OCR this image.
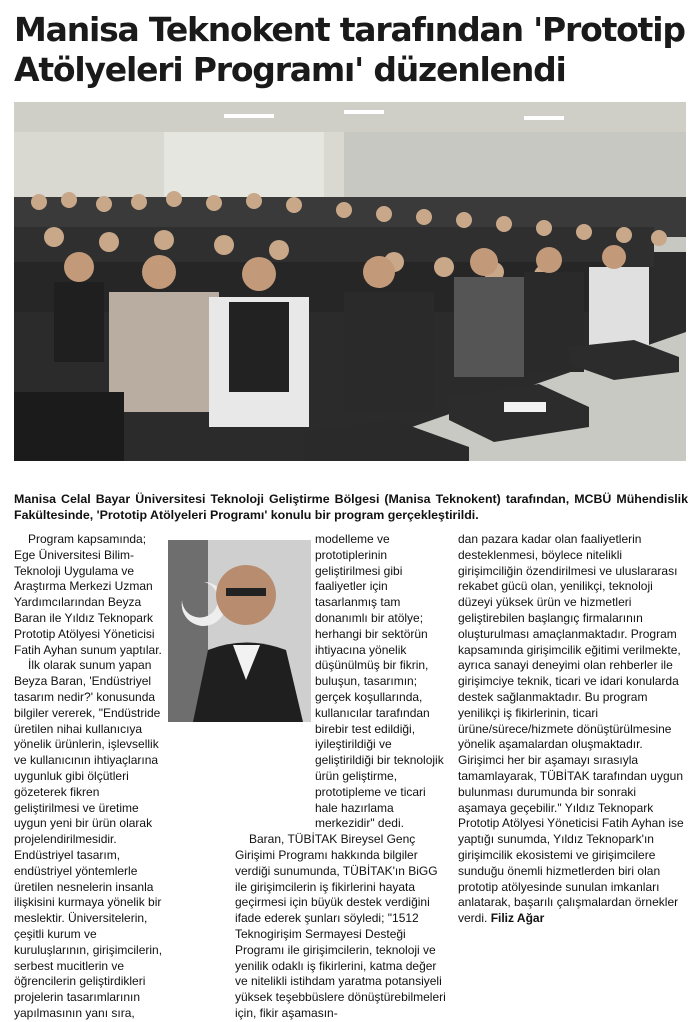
Manisa Teknokent tarafından 'Prototip
Atölyeleri Programı' düzenlendi

Manisa Celal Bayar Üniversitesi Teknoloji Geliştirme Bölgesi (Manisa Teknokent) tarafından, MCBÜ Mühendislik Fakültesinde, 'Prototip Atölyeleri Programı' konulu bir program gerçekleştirildi.

Program kapsamında; Ege Üniversitesi Bilim-Teknoloji Uygulama ve Araştırma Merkezi Uzman Yardımcılarından Beyza Baran ile Yıldız Teknopark Prototip Atölyesi Yöneticisi Fatih Ayhan sunum yaptılar.

İlk olarak sunum yapan Beyza Baran, 'Endüstriyel tasarım nedir?' konusunda bilgiler vererek, "Endüstride üretilen nihai kullanıcıya yönelik ürünlerin, işlevsellik ve kullanıcının ihtiyaçlarına uygunluk gibi ölçütleri gözeterek fikren geliştirilmesi ve üretime uygun yeni bir ürün olarak projelendirilmesidir. Endüstriyel tasarım, endüstriyel yöntemlerle üretilen nesnelerin insanla ilişkisini kurmaya yönelik bir meslektir. Üniversitelerin, çeşitli kurum ve kuruluşlarının, girişimcilerin, serbest mucitlerin ve öğrencilerin geliştirdikleri projelerin tasarımlarının yapılmasının yanı sıra,

modelleme ve prototiplerinin geliştirilmesi gibi faaliyetler için tasarlanmış tam donanımlı bir atölye; herhangi bir sektörün ihtiyacına yönelik düşünülmüş bir fikrin, buluşun, tasarımın; gerçek koşullarında, kullanıcılar tarafından birebir test edildiği, iyileştirildiği ve geliştirildiği bir teknolojik ürün geliştirme, prototipleme ve ticari hale hazırlama merkezidir" dedi.

Baran, TÜBİTAK Bireysel Genç Girişimi Programı hakkında bilgiler verdiği sunumunda, TÜBİTAK'ın BiGG ile girişimcilerin iş fikirlerini hayata geçirmesi için büyük destek verdiğini ifade ederek şunları söyledi; "1512 Teknogirişim Sermayesi Desteği Programı ile girişimcilerin, teknoloji ve yenilik odaklı iş fikirlerini, katma değer ve nitelikli istihdam yaratma potansiyeli yüksek teşebbüslere dönüştürebilmeleri için, fikir aşamasın-

dan pazara kadar olan faaliyetlerin desteklenmesi, böylece nitelikli girişimciliğin özendirilmesi ve uluslararası rekabet gücü olan, yenilikçi, teknoloji düzeyi yüksek ürün ve hizmetleri geliştirebilen başlangıç firmalarının oluşturulması amaçlanmaktadır. Program kapsamında girişimcilik eğitimi verilmekte, ayrıca sanayi deneyimi olan rehberler ile girişimciye teknik, ticari ve idari konularda destek sağlanmaktadır. Bu program yenilikçi iş fikirlerinin, ticari ürüne/sürece/hizmete dönüştürülmesine yönelik aşamalardan oluşmaktadır. Girişimci her bir aşamayı sırasıyla tamamlayarak, TÜBİTAK tarafından uygun bulunması durumunda bir sonraki aşamaya geçebilir." Yıldız Teknopark Prototip Atölyesi Yöneticisi Fatih Ayhan ise yaptığı sunumda, Yıldız Teknopark'ın girişimcilik ekosistemi ve girişimcilere sunduğu önemli hizmetlerden biri olan prototip atölyesinde sunulan imkanları anlatarak, başarılı çalışmalardan örnekler verdi. Filiz Ağar
